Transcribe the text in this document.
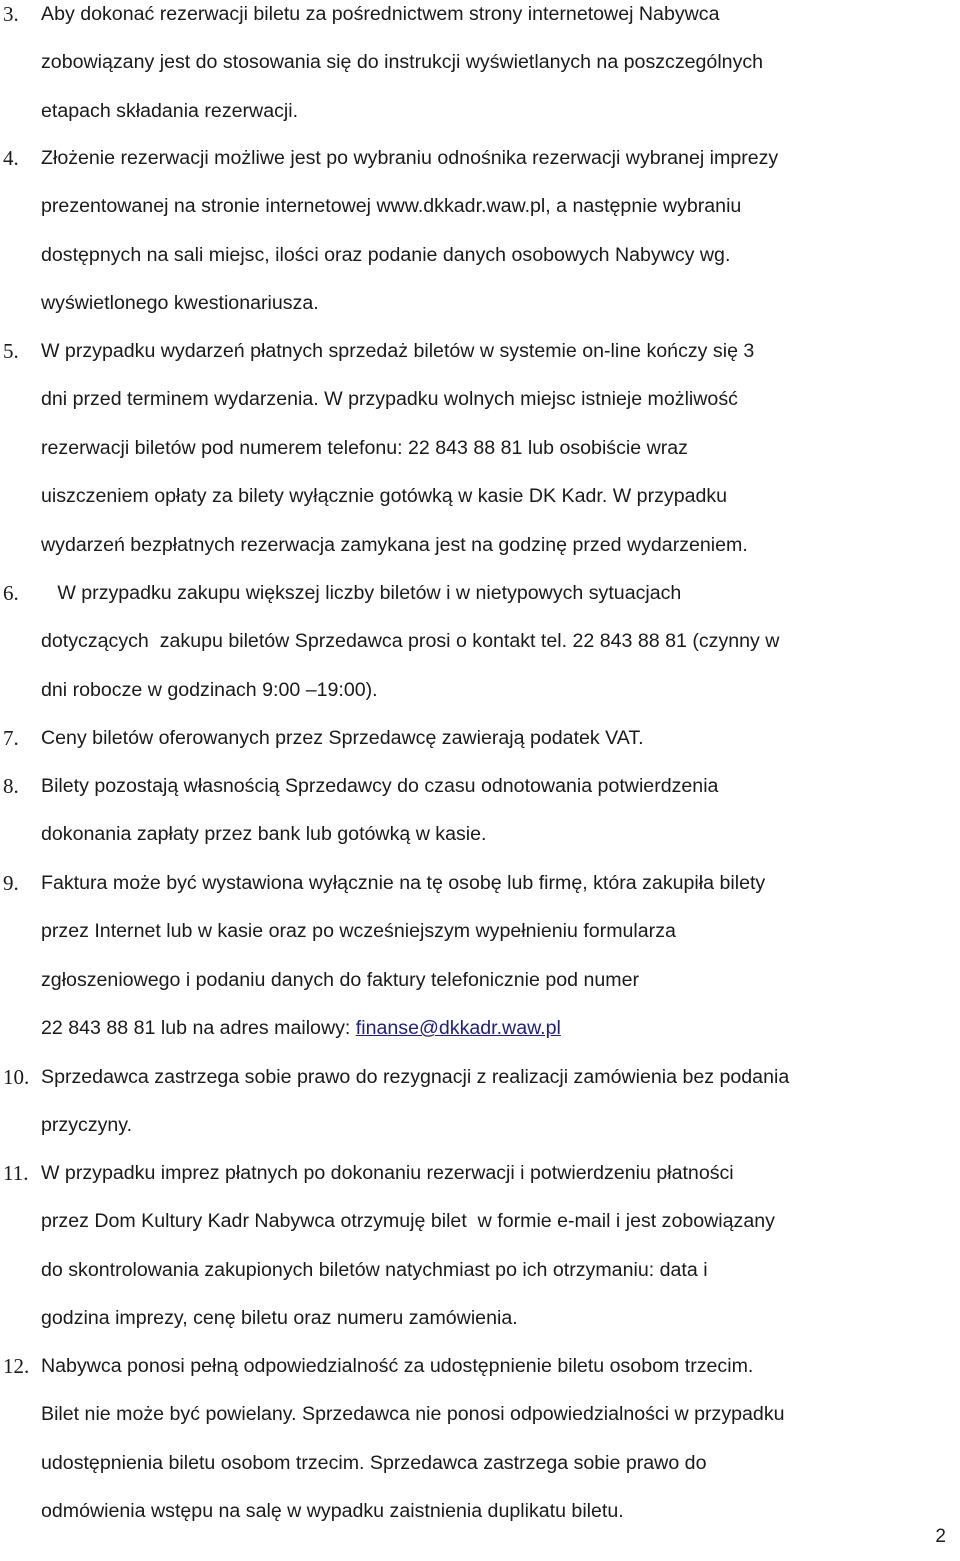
3. Aby dokonać rezerwacji biletu za pośrednictwem strony internetowej Nabywca
zobowiązany jest do stosowania się do instrukcji wyświetlanych na poszczególnych
etapach składania rezerwacji.
4. Złożenie rezerwacji możliwe jest po wybraniu odnośnika rezerwacji wybranej imprezy
prezentowanej na stronie internetowej www.dkkadr.waw.pl, a następnie wybraniu
dostępnych na sali miejsc, ilości oraz podanie danych osobowych Nabywcy wg.
wyświetlonego kwestionariusza.
5. W przypadku wydarzeń płatnych sprzedaż biletów w systemie on-line kończy się 3
dni przed terminem wydarzenia. W przypadku wolnych miejsc istnieje możliwość
rezerwacji biletów pod numerem telefonu: 22 843 88 81 lub osobiście wraz
uiszczeniem opłaty za bilety wyłącznie gotówką w kasie DK Kadr. W przypadku
wydarzeń bezpłatnych rezerwacja zamykana jest na godzinę przed wydarzeniem.
6. W przypadku zakupu większej liczby biletów i w nietypowych sytuacjach
dotyczących  zakupu biletów Sprzedawca prosi o kontakt tel. 22 843 88 81 (czynny w
dni robocze w godzinach 9:00 –19:00).
7. Ceny biletów oferowanych przez Sprzedawcę zawierają podatek VAT.
8. Bilety pozostają własnością Sprzedawcy do czasu odnotowania potwierdzenia
dokonania zapłaty przez bank lub gotówką w kasie.
9. Faktura może być wystawiona wyłącznie na tę osobę lub firmę, która zakupiła bilety
przez Internet lub w kasie oraz po wcześniejszym wypełnieniu formularza
zgłoszeniowego i podaniu danych do faktury telefonicznie pod numer
22 843 88 81 lub na adres mailowy: finanse@dkkadr.waw.pl
10. Sprzedawca zastrzega sobie prawo do rezygnacji z realizacji zamówienia bez podania
przyczyny.
11. W przypadku imprez płatnych po dokonaniu rezerwacji i potwierdzeniu płatności
przez Dom Kultury Kadr Nabywca otrzymuję bilet  w formie e-mail i jest zobowiązany
do skontrolowania zakupionych biletów natychmiast po ich otrzymaniu: data i
godzina imprezy, cenę biletu oraz numeru zamówienia.
12. Nabywca ponosi pełną odpowiedzialność za udostępnienie biletu osobom trzecim.
Bilet nie może być powielany. Sprzedawca nie ponosi odpowiedzialności w przypadku
udostępnienia biletu osobom trzecim. Sprzedawca zastrzega sobie prawo do
odmówienia wstępu na salę w wypadku zaistnienia duplikatu biletu.
2
